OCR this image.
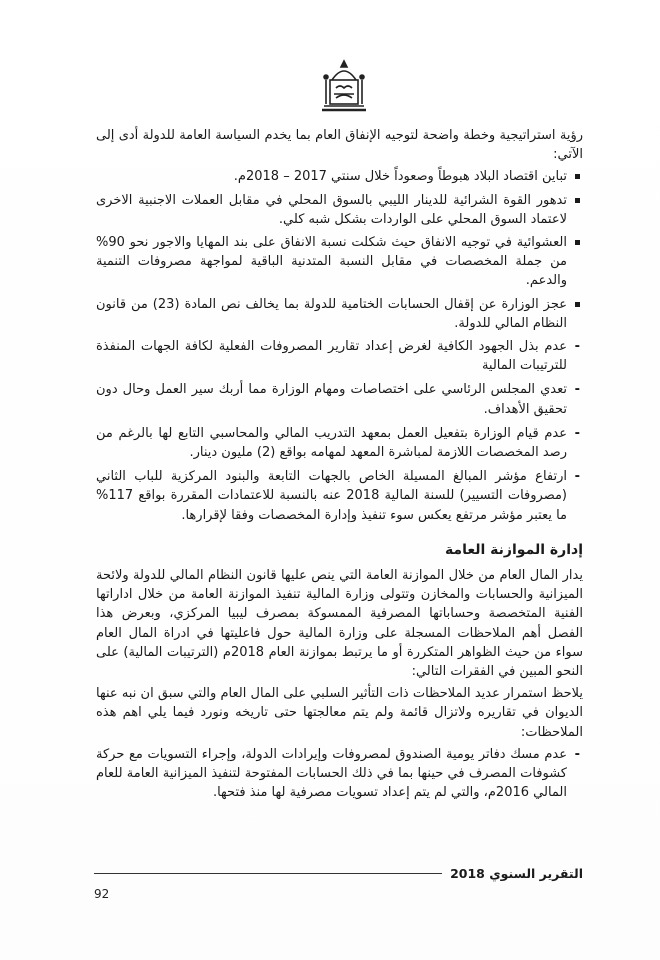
رؤية استراتيجية وخطة واضحة لتوجيه الإنفاق العام بما يخدم السياسة العامة للدولة أدى إلى الآتي:

تباين اقتصاد البلاد هبوطاً وصعوداً خلال سنتي 2017 – 2018م.
تدهور القوة الشرائية للدينار الليبي بالسوق المحلي في مقابل العملات الاجنبية الاخرى لاعتماد السوق المحلي على الواردات بشكل شبه كلي.
العشوائية في توجيه الانفاق حيث شكلت نسبة الانفاق على بند المهايا والاجور نحو 90% من جملة المخصصات في مقابل النسبة المتدنية الباقية لمواجهة مصروفات التنمية والدعم.
عجز الوزارة عن إقفال الحسابات الختامية للدولة بما يخالف نص المادة (23) من قانون النظام المالي للدولة.
- عدم بذل الجهود الكافية لغرض إعداد تقارير المصروفات الفعلية لكافة الجهات المنفذة للترتيبات المالية
- تعدي المجلس الرئاسي على اختصاصات ومهام الوزارة مما أربك سير العمل وحال دون تحقيق الأهداف.
- عدم قيام الوزارة بتفعيل العمل بمعهد التدريب المالي والمحاسبي التابع لها بالرغم من رصد المخصصات اللازمة لمباشرة المعهد لمهامه بواقع (2) مليون دينار.
- ارتفاع مؤشر المبالغ المسيلة الخاص بالجهات التابعة والبنود المركزية للباب الثاني (مصروفات التسيير) للسنة المالية 2018 عنه بالنسبة للاعتمادات المقررة بواقع 117% ما يعتبر مؤشر مرتفع يعكس سوء تنفيذ وإدارة المخصصات وفقا لإقرارها.
إدارة الموازنة العامة

يدار المال العام من خلال الموازنة العامة التي ينص عليها قانون النظام المالي للدولة ولائحة الميزانية والحسابات والمخازن وتتولى وزارة المالية تنفيذ الموازنة العامة من خلال اداراتها الفنية المتخصصة وحساباتها المصرفية الممسوكة بمصرف ليبيا المركزي، وبعرض هذا الفصل أهم الملاحظات المسجلة على وزارة المالية حول فاعليتها في ادراة المال العام سواء من حيث الظواهر المتكررة أو ما يرتبط بموازنة العام 2018م (الترتيبات المالية) على النحو المبين في الفقرات التالي:

يلاحظ استمرار عديد الملاحظات ذات التأثير السلبي على المال العام والتي سبق ان نبه عنها الديوان في تقاريره ولاتزال قائمة ولم يتم معالجتها حتى تاريخه ونورد فيما يلي اهم هذه الملاحظات:

- عدم مسك دفاتر يومية الصندوق لمصروفات وإيرادات الدولة، وإجراء التسويات مع حركة كشوفات المصرف في حينها بما في ذلك الحسابات المفتوحة لتنفيذ الميزانية العامة للعام المالي 2016م، والتي لم يتم إعداد تسويات مصرفية لها منذ فتحها.
التقرير السنوي 2018
92
